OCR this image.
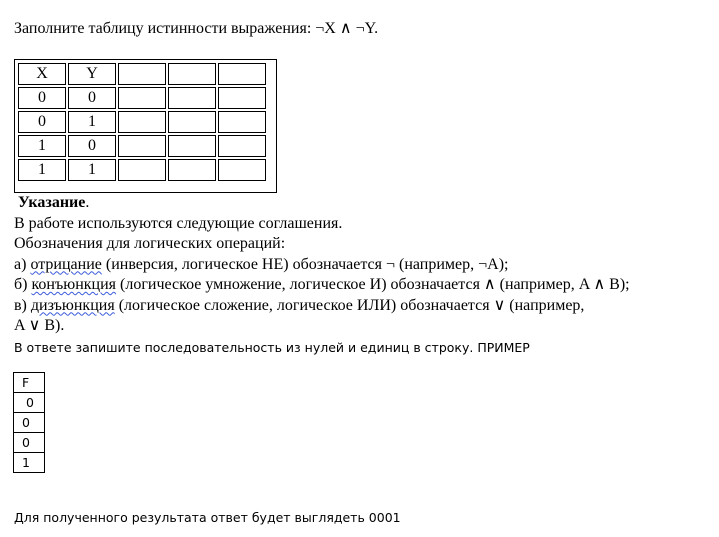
Заполните таблицу истинности выражения: ¬X ∧ ¬Y.
X	Y			
0	0			
0	1			
1	0			
1	1			
Указание.
В работе используются следующие соглашения.
Обозначения для логических операций:
а) отрицание (инверсия, логическое НЕ) обозначается ¬ (например, ¬A);
б) конъюнкция (логическое умножение, логическое И) обозначается ∧ (например, A ∧ B);
в) дизъюнкция (логическое сложение, логическое ИЛИ) обозначается ∨ (например,
A ∨ B).
В ответе запишите последовательность из нулей и единиц в строку. ПРИМЕР
F
0
0
0
1
Для полученного результата ответ будет выглядеть 0001
